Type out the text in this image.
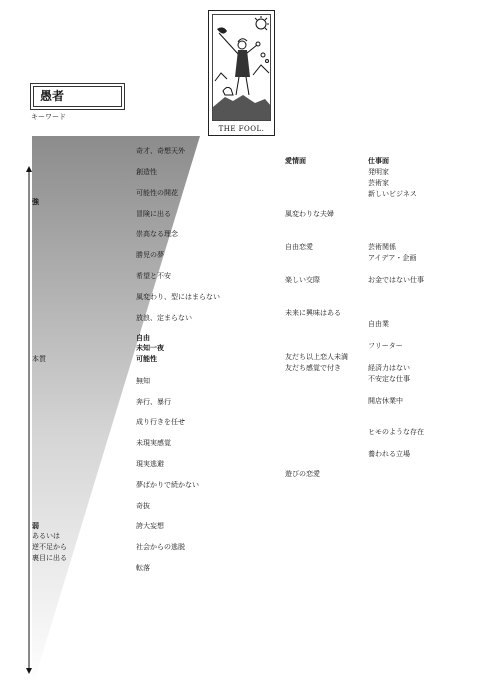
THE FOOL.
愚者
キーワード
強
本質
弱
あるいは
逆不足から
裏目に出る
奇才、奇想天外
創造性
可能性の開花
冒険に出る
崇高なる理念
勝児の夢
希望と不安
風変わり、型にはまらない
放浪、定まらない
自由
未知一夜
可能性
無知
奔行、暴行
成り行きを任せ
未現実感覚
現実逃避
夢ばかりで続かない
奇抜
誇大妄想
社会からの逃脱
転落
愛情面
風変わりな夫婦
自由恋愛
楽しい交際
未来に興味はある
友だち以上恋人未満
友だち感覚で付き
遊びの恋愛
仕事面
発明家
芸術家
新しいビジネス
芸術関係
アイデア・企画
お金ではない仕事
自由業
フリーター
経済力はない
不安定な仕事
開店休業中
ヒモのような存在
養われる立場
